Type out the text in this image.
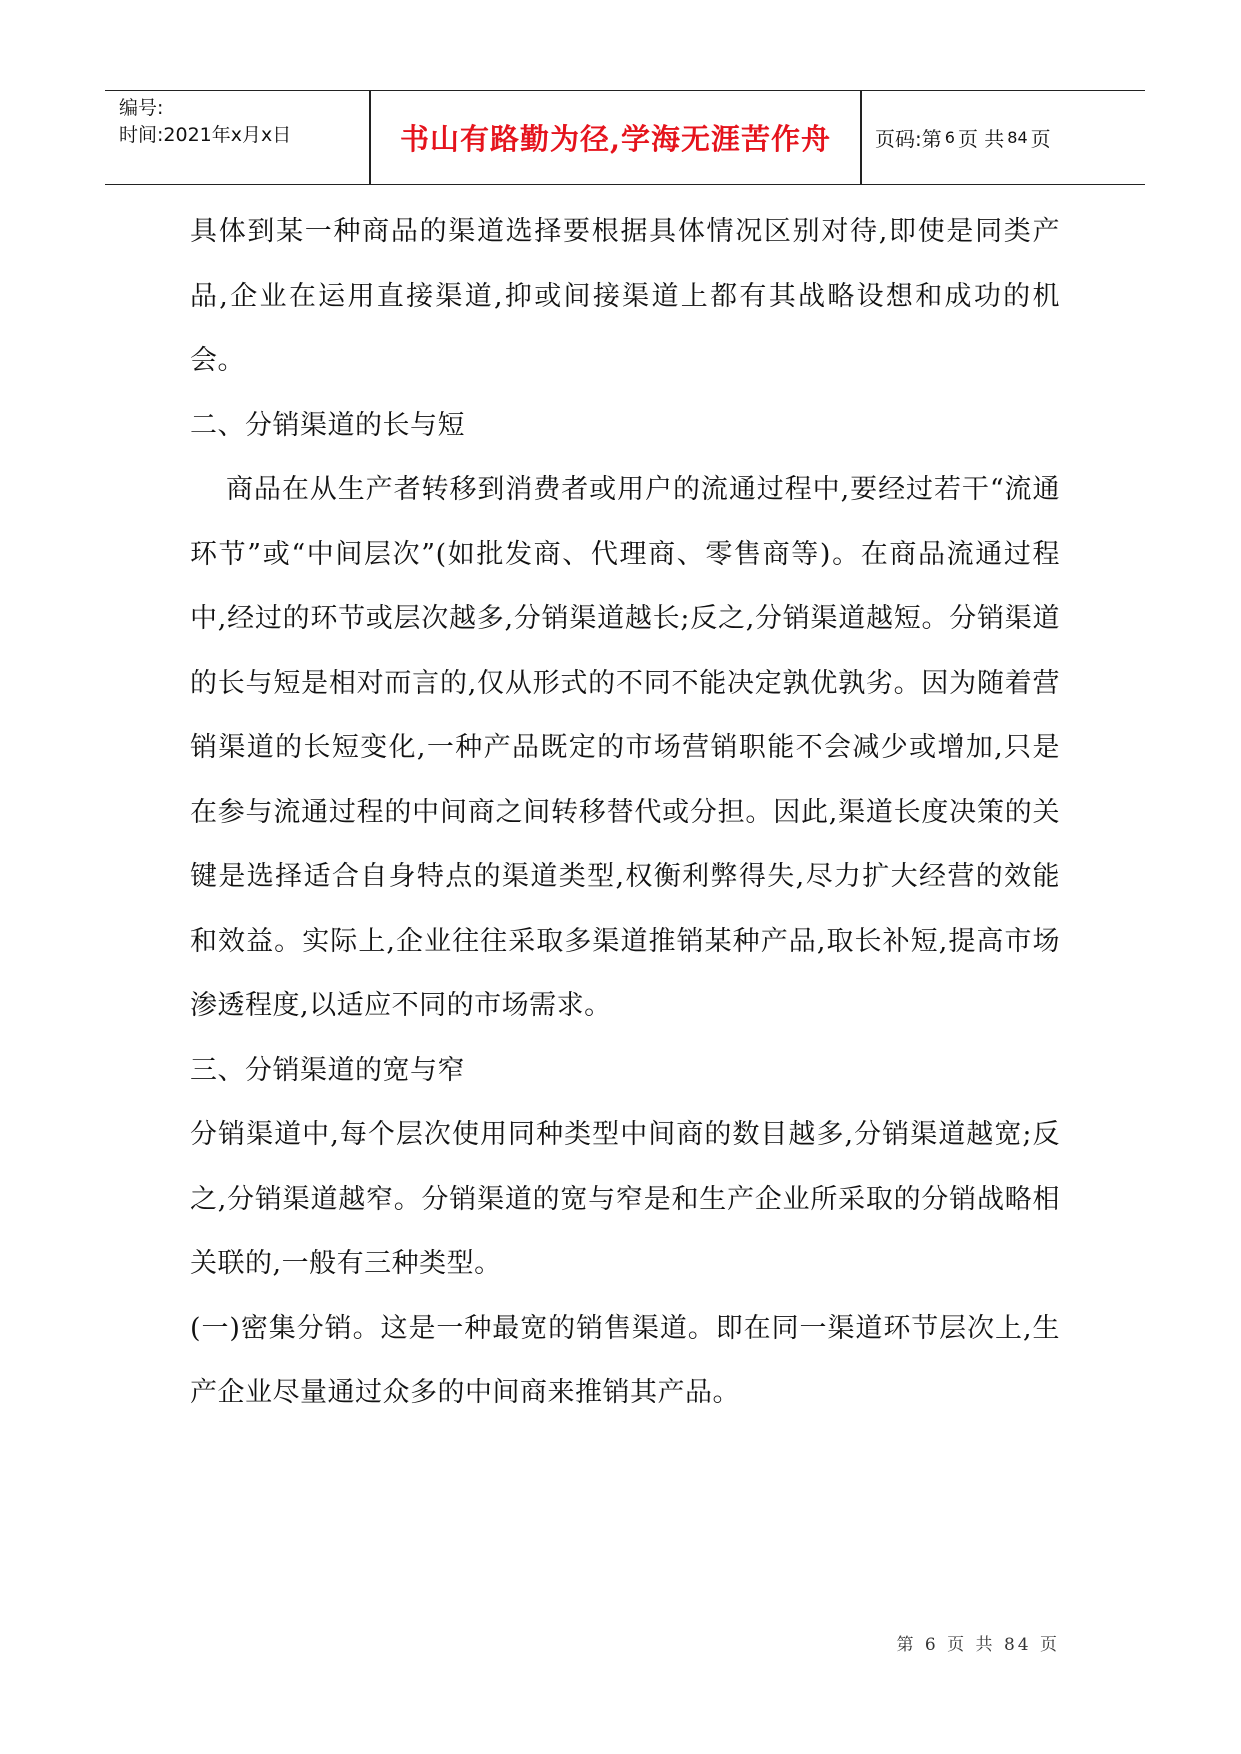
编号:
时间:2021年x月x日	书山有路勤为径,学海无涯苦作舟	页码:第 6 页 共 84 页

具体到某一种商品的渠道选择要根据具体情况区别对待,即使是同类产品,企业在运用直接渠道,抑或间接渠道上都有其战略设想和成功的机会。

二、分销渠道的长与短

商品在从生产者转移到消费者或用户的流通过程中,要经过若干“流通环节”或“中间层次”(如批发商、代理商、零售商等)。在商品流通过程中,经过的环节或层次越多,分销渠道越长;反之,分销渠道越短。分销渠道的长与短是相对而言的,仅从形式的不同不能决定孰优孰劣。因为随着营销渠道的长短变化,一种产品既定的市场营销职能不会减少或增加,只是在参与流通过程的中间商之间转移替代或分担。因此,渠道长度决策的关键是选择适合自身特点的渠道类型,权衡利弊得失,尽力扩大经营的效能和效益。实际上,企业往往采取多渠道推销某种产品,取长补短,提高市场渗透程度,以适应不同的市场需求。

三、分销渠道的宽与窄

分销渠道中,每个层次使用同种类型中间商的数目越多,分销渠道越宽;反之,分销渠道越窄。分销渠道的宽与窄是和生产企业所采取的分销战略相关联的,一般有三种类型。

(一)密集分销。这是一种最宽的销售渠道。即在同一渠道环节层次上,生产企业尽量通过众多的中间商来推销其产品。

第 6 页 共 84 页
